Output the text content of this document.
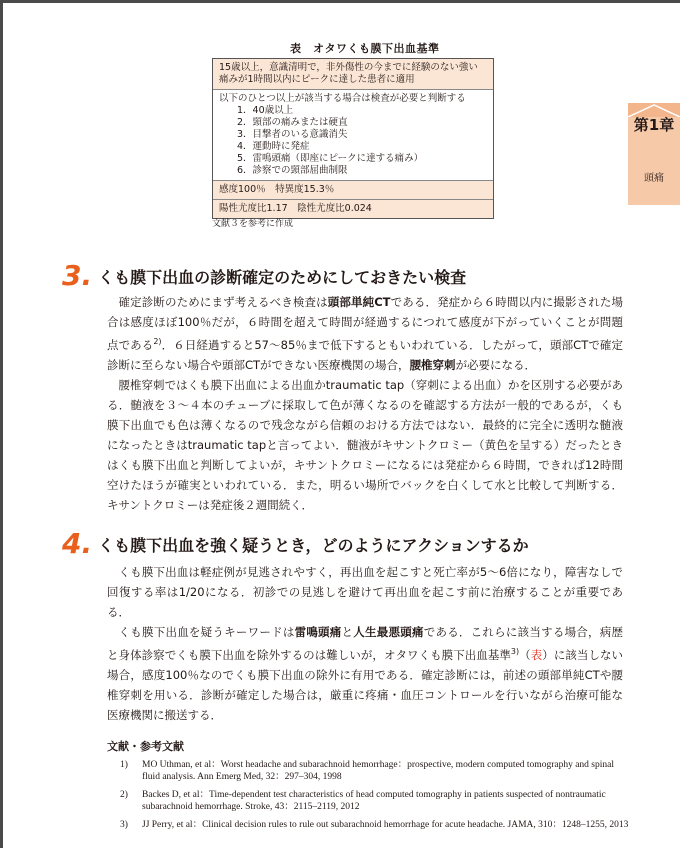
表　オタワくも膜下出血基準
15歳以上，意識清明で，非外傷性の今までに経験のない強い痛みが1時間以内にピークに達した患者に適用
以下のひとつ以上が該当する場合は検査が必要と判断する
1．40歳以上
2．頸部の痛みまたは硬直
3．目撃者のいる意識消失
4．運動時に発症
5．雷鳴頭痛（即座にピークに達する痛み）
6．診察での頸部屈曲制限
感度100％　特異度15.3％
陽性尤度比1.17　陰性尤度比0.024
文献３を参考に作成
第1章
頭痛
3. くも膜下出血の診断確定のためにしておきたい検査

確定診断のためにまず考えるべき検査は頭部単純CTである．発症から６時間以内に撮影された場合は感度ほぼ100％だが，６時間を超えて時間が経過するにつれて感度が下がっていくことが問題点である$^{2)}$．６日経過すると57〜85％まで低下するともいわれている．したがって，頭部CTで確定診断に至らない場合や頭部CTができない医療機関の場合，腰椎穿刺が必要になる．

腰椎穿刺ではくも膜下出血による出血かtraumatic tap（穿刺による出血）かを区別する必要がある．髄液を３〜４本のチューブに採取して色が薄くなるのを確認する方法が一般的であるが，くも膜下出血でも色は薄くなるので残念ながら信頼のおける方法ではない．最終的に完全に透明な髄液になったときはtraumatic tapと言ってよい．髄液がキサントクロミー（黄色を呈する）だったときはくも膜下出血と判断してよいが，キサントクロミーになるには発症から６時間，できれば12時間空けたほうが確実といわれている．また，明るい場所でバックを白くして水と比較して判断する．キサントクロミーは発症後２週間続く．

4. くも膜下出血を強く疑うとき，どのようにアクションするか

くも膜下出血は軽症例が見逃されやすく，再出血を起こすと死亡率が5〜6倍になり，障害なしで回復する率は1/20になる．初診での見逃しを避けて再出血を起こす前に治療することが重要である．

くも膜下出血を疑うキーワードは雷鳴頭痛と人生最悪頭痛である．これらに該当する場合，病歴と身体診察でくも膜下出血を除外するのは難しいが，オタワくも膜下出血基準$^{3)}$（表）に該当しない場合，感度100％なのでくも膜下出血の除外に有用である．確定診断には，前述の頭部単純CTや腰椎穿刺を用いる．診断が確定した場合は，厳重に疼痛・血圧コントロールを行いながら治療可能な医療機関に搬送する．

文献・参考文献
1)	MO Uthman, et al：Worst headache and subarachnoid hemorrhage：prospective, modern computed tomography and spinal fluid analysis. Ann Emerg Med, 32：297–304, 1998
2)	Backes D, et al：Time-dependent test characteristics of head computed tomography in patients suspected of nontraumatic subarachnoid hemorrhage. Stroke, 43：2115–2119, 2012
3)	JJ Perry, et al：Clinical decision rules to rule out subarachnoid hemorrhage for acute headache. JAMA, 310：1248–1255, 2013
